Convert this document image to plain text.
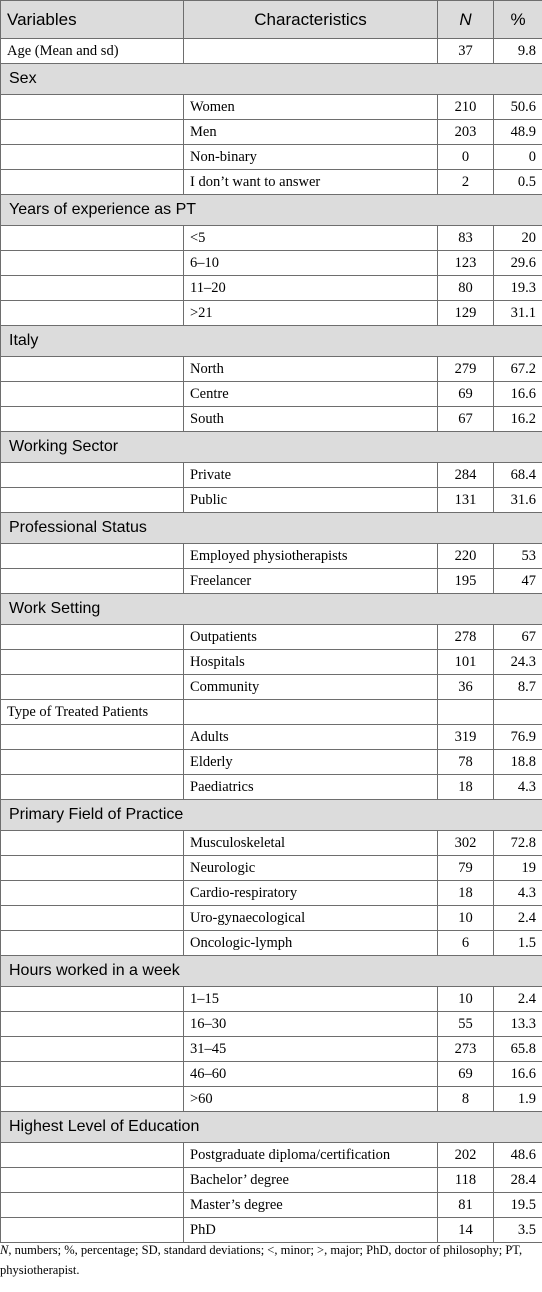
Variables	Characteristics	N	%
Age (Mean and sd)		37	9.8
Sex			
	Women	210	50.6
	Men	203	48.9
	Non-binary	0	0
	I don’t want to answer	2	0.5
Years of experience as PT			
	<5	83	20
	6–10	123	29.6
	11–20	80	19.3
	>21	129	31.1
Italy			
	North	279	67.2
	Centre	69	16.6
	South	67	16.2
Working Sector			
	Private	284	68.4
	Public	131	31.6
Professional Status			
	Employed physiotherapists	220	53
	Freelancer	195	47
Work Setting			
	Outpatients	278	67
	Hospitals	101	24.3
	Community	36	8.7
Type of Treated Patients			
	Adults	319	76.9
	Elderly	78	18.8
	Paediatrics	18	4.3
Primary Field of Practice			
	Musculoskeletal	302	72.8
	Neurologic	79	19
	Cardio-respiratory	18	4.3
	Uro-gynaecological	10	2.4
	Oncologic-lymph	6	1.5
Hours worked in a week			
	1–15	10	2.4
	16–30	55	13.3
	31–45	273	65.8
	46–60	69	16.6
	>60	8	1.9
Highest Level of Education			
	Postgraduate diploma/certification	202	48.6
	Bachelor’ degree	118	28.4
	Master’s degree	81	19.5
	PhD	14	3.5

N, numbers; %, percentage; SD, standard deviations; <, minor; >, major; PhD, doctor of philosophy; PT, physiotherapist.
